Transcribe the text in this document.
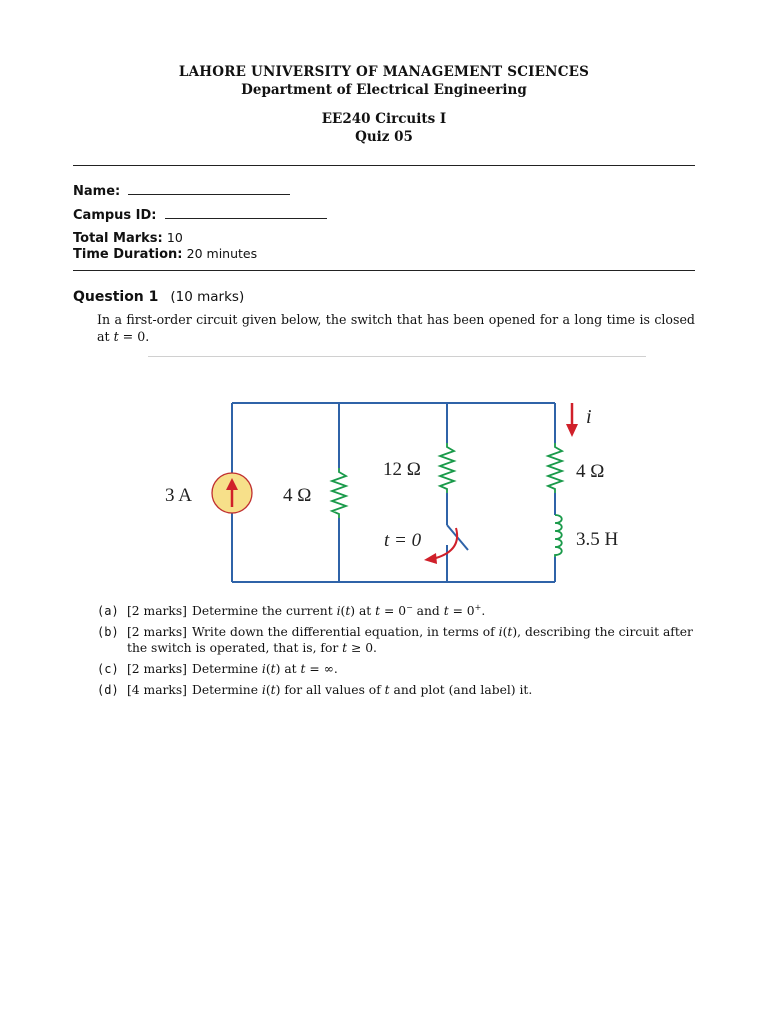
LAHORE UNIVERSITY OF MANAGEMENT SCIENCES
Department of Electrical Engineering
EE240 Circuits I
Quiz 05
Name:
Campus ID:
Total Marks: 10
Time Duration: 20 minutes
Question 1 (10 marks)
In a first-order circuit given below, the switch that has been opened for a long time is closed at t = 0.
3 A	4 Ω
12 Ω	4 Ω
3.5 H
t = 0
i
(a) [2 marks] Determine the current i(t) at t = 0− and t = 0+.
(b) [2 marks] Write down the differential equation, in terms of i(t), describing the circuit after the switch is operated, that is, for t ≥ 0.
(c) [2 marks] Determine i(t) at t = ∞.
(d) [4 marks] Determine i(t) for all values of t and plot (and label) it.
